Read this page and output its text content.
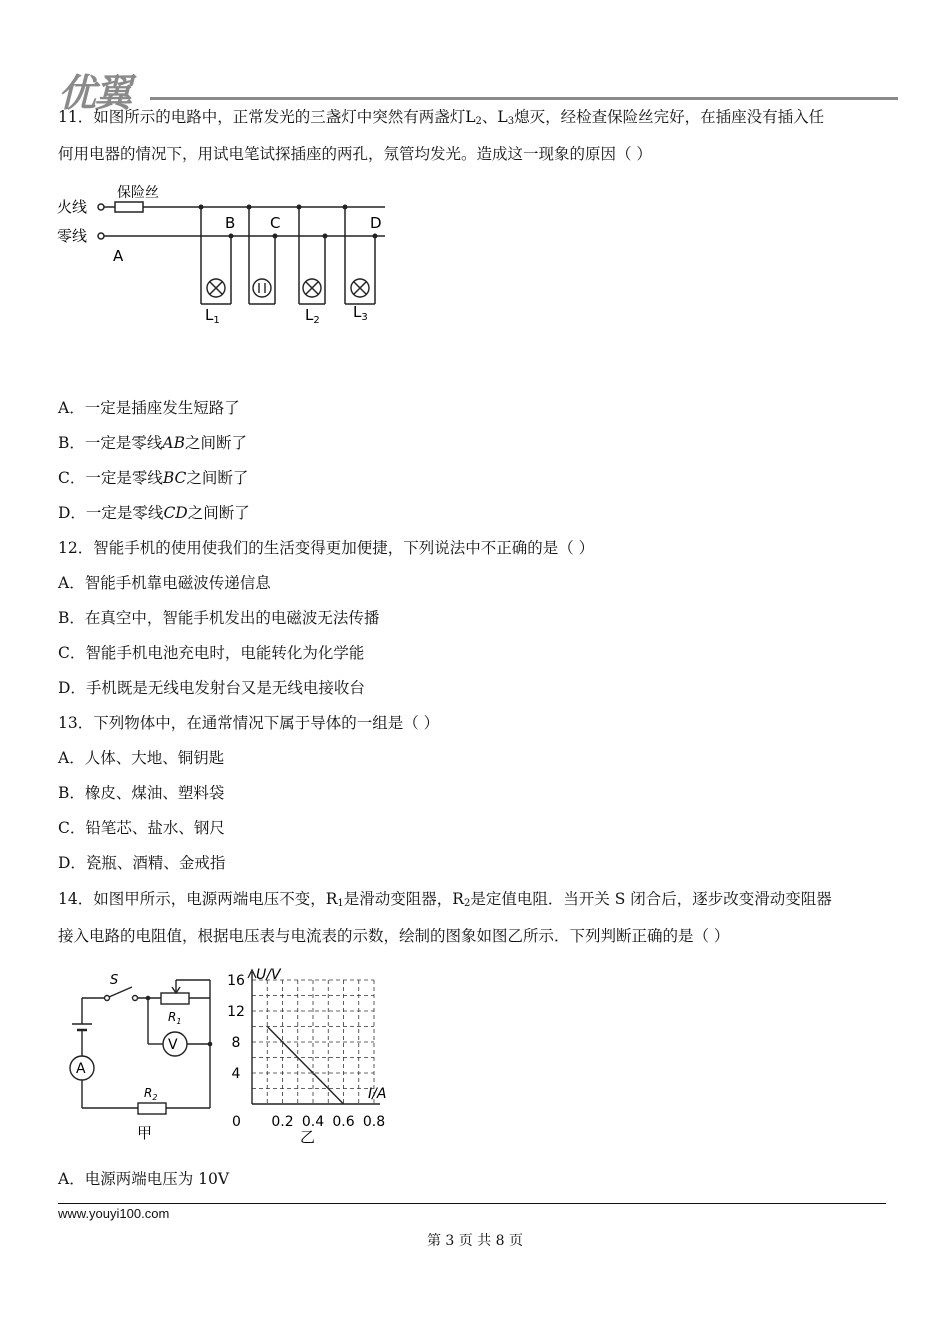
优翼
11．如图所示的电路中，正常发光的三盏灯中突然有两盏灯$L_2$、$L_3$熄灭，经检查保险丝完好，在插座没有插入任
何用电器的情况下，用试电笔试探插座的两孔，氖管均发光。造成这一现象的原因（ ）
火线
保险丝
零线
A
B C	D
$L_1$	$L_2$ $L_3$
A．一定是插座发生短路了
B．一定是零线AB之间断了
C．一定是零线BC之间断了
D．一定是零线CD之间断了
12．智能手机的使用使我们的生活变得更加便捷，下列说法中不正确的是（ ）
A．智能手机靠电磁波传递信息
B．在真空中，智能手机发出的电磁波无法传播
C．智能手机电池充电时，电能转化为化学能
D．手机既是无线电发射台又是无线电接收台
13．下列物体中，在通常情况下属于导体的一组是（ ）
A．人体、大地、铜钥匙
B．橡皮、煤油、塑料袋
C．铅笔芯、盐水、钢尺
D．瓷瓶、酒精、金戒指
14．如图甲所示，电源两端电压不变，$R_1$是滑动变阻器，$R_2$是定值电阻．当开关 S 闭合后，逐步改变滑动变阻器
接入电路的电阻值，根据电压表与电流表的示数，绘制的图象如图乙所示．下列判断正确的是（ ）
S
$R_1$
V
A
$R_2$
甲
0.2 0.4 0.6 0.8
4
8
12
16
0
I/A
U/V
乙
A．电源两端电压为 10V
www.youyi100.com
第 3 页 共 8 页
